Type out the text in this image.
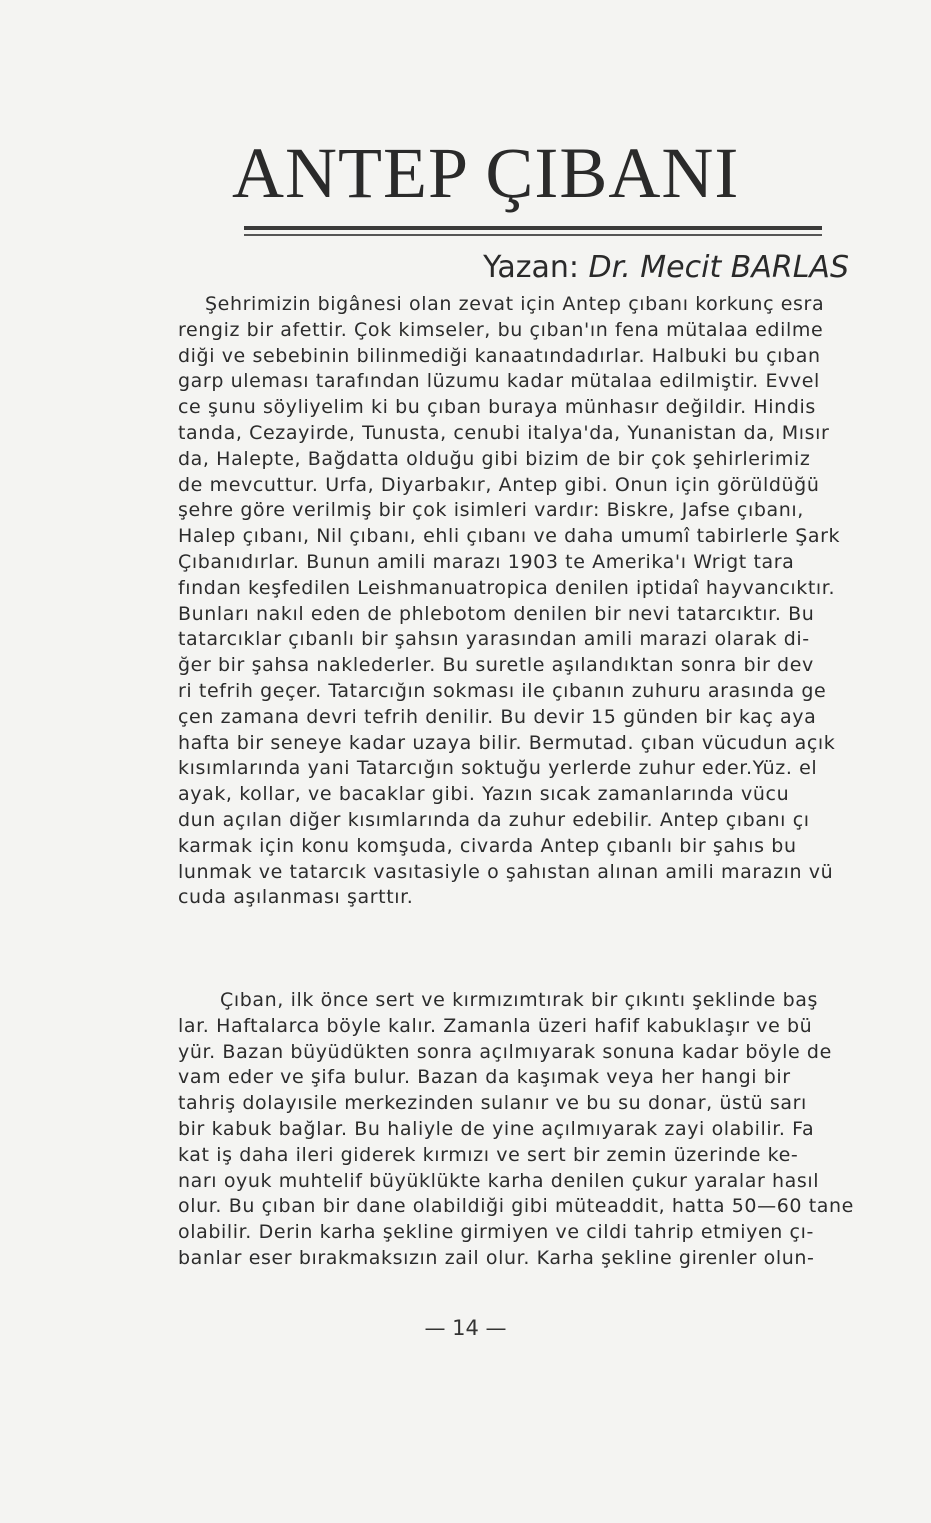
ANTEP ÇIBANI
Yazan: Dr. Mecit BARLAS
Şehrimizin bigânesi olan zevat için Antep çıbanı korkunç esra
rengiz bir afettir. Çok kimseler, bu çıban'ın fena mütalaa edilme
diği ve sebebinin bilinmediği kanaatındadırlar. Halbuki bu çıban
garp uleması tarafından lüzumu kadar mütalaa edilmiştir. Evvel
ce şunu söyliyelim ki bu çıban buraya münhasır değildir. Hindis
tanda, Cezayirde, Tunusta, cenubi italya'da, Yunanistan da, Mısır
da, Halepte, Bağdatta olduğu gibi bizim de bir çok şehirlerimiz
de mevcuttur. Urfa, Diyarbakır, Antep gibi. Onun için görüldüğü
şehre göre verilmiş bir çok isimleri vardır: Biskre, Jafse çıbanı,
Halep çıbanı, Nil çıbanı, ehli çıbanı ve daha umumî tabirlerle Şark
Çıbanıdırlar. Bunun amili marazı 1903 te Amerika'ı Wrigt tara
fından keşfedilen Leishmanuatropica denilen iptidaî hayvancıktır.
Bunları nakıl eden de phlebotom denilen bir nevi tatarcıktır. Bu
tatarcıklar çıbanlı bir şahsın yarasından amili marazi olarak di-
ğer bir şahsa naklederler. Bu suretle aşılandıktan sonra bir dev
ri tefrih geçer. Tatarcığın sokması ile çıbanın zuhuru arasında ge
çen zamana devri tefrih denilir. Bu devir 15 günden bir kaç aya
hafta bir seneye kadar uzaya bilir. Bermutad. çıban vücudun açık
kısımlarında yani Tatarcığın soktuğu yerlerde zuhur eder.Yüz. el
ayak, kollar, ve bacaklar gibi. Yazın sıcak zamanlarında vücu
dun açılan diğer kısımlarında da zuhur edebilir. Antep çıbanı çı
karmak için konu komşuda, civarda Antep çıbanlı bir şahıs bu
lunmak ve tatarcık vasıtasiyle o şahıstan alınan amili marazın vü
cuda aşılanması şarttır.
Çıban, ilk önce sert ve kırmızımtırak bir çıkıntı şeklinde baş
lar. Haftalarca böyle kalır. Zamanla üzeri hafif kabuklaşır ve bü
yür. Bazan büyüdükten sonra açılmıyarak sonuna kadar böyle de
vam eder ve şifa bulur. Bazan da kaşımak veya her hangi bir
tahriş dolayısile merkezinden sulanır ve bu su donar, üstü sarı
bir kabuk bağlar. Bu haliyle de yine açılmıyarak zayi olabilir. Fa
kat iş daha ileri giderek kırmızı ve sert bir zemin üzerinde ke-
narı oyuk muhtelif büyüklükte karha denilen çukur yaralar hasıl
olur. Bu çıban bir dane olabildiği gibi müteaddit, hatta 50—60 tane
olabilir. Derin karha şekline girmiyen ve cildi tahrip etmiyen çı-
banlar eser bırakmaksızın zail olur. Karha şekline girenler olun-
— 14 —
